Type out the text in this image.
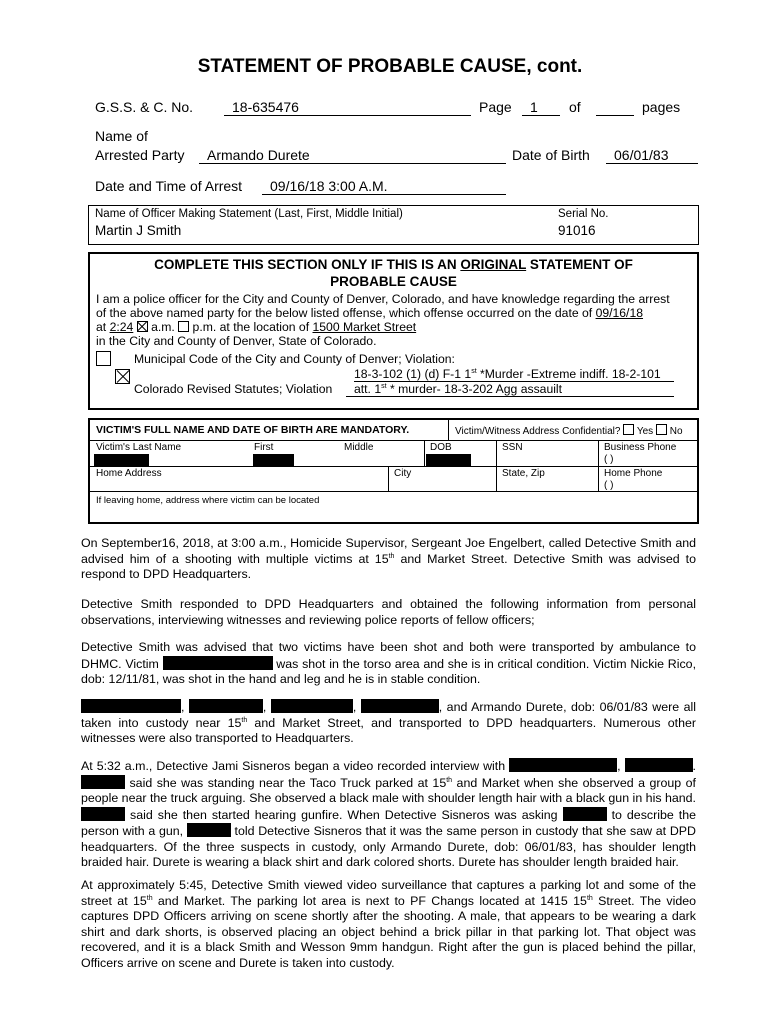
STATEMENT OF PROBABLE CAUSE, cont.
G.S.S. & C. No.	18-635476	Page 1 of	pages
Name of
Arrested Party Armando Durete	Date of Birth 06/01/83
Date and Time of Arrest 09/16/18 3:00 A.M.
Name of Officer Making Statement (Last, First, Middle Initial)
Martin J Smith
Serial No.
91016
COMPLETE THIS SECTION ONLY IF THIS IS AN ORIGINAL STATEMENT OF
PROBABLE CAUSE
I am a police officer for the City and County of Denver, Colorado, and have knowledge regarding the arrest
of the above named party for the below listed offense, which offense occurred on the date of 09/16/18
at 2:24  a.m.  p.m. at the location of 1500 Market Street
in the City and County of Denver, State of Colorado.

Municipal Code of the City and County of Denver; Violation:
18-3-102 (1) (d) F-1 1st *Murder -Extreme indiff. 18-2-101
Colorado Revised Statutes; Violation att. 1st * murder- 18-3-202 Agg assauilt
VICTIM'S FULL NAME AND DATE OF BIRTH ARE MANDATORY.	Victim/Witness Address Confidential? Yes No
Victim's Last Name	First	Middle	DOB	SSN	Business Phone
( )
Home Address	City	State, Zip	Home Phone
( )
If leaving home, address where victim can be located
On September16, 2018, at 3:00 a.m., Homicide Supervisor, Sergeant Joe Engelbert, called Detective Smith and advised him of a shooting with multiple victims at 15th and Market Street. Detective Smith was advised to respond to DPD Headquarters.
Detective Smith responded to DPD Headquarters and obtained the following information from personal observations, interviewing witnesses and reviewing police reports of fellow officers;
Detective Smith was advised that two victims have been shot and both were transported by ambulance to DHMC. Victim	was shot in the torso area and she is in critical condition. Victim Nickie Rico, dob: 12/11/81, was shot in the hand and leg and he is in stable condition.
,	,	,	, and Armando Durete, dob: 06/01/83 were all taken into custody near 15th and Market Street, and transported to DPD headquarters. Numerous other witnesses were also transported to Headquarters.
At 5:32 a.m., Detective Jami Sisneros began a video recorded interview with	,	.  said she was standing near the Taco Truck parked at 15th and Market when she observed a group of people near the truck arguing. She observed a black male with shoulder length hair with a black gun in his hand.  said she then started hearing gunfire. When Detective Sisneros was asking	to describe the person with a gun,	told Detective Sisneros that it was the same person in custody that she saw at DPD headquarters. Of the three suspects in custody, only Armando Durete, dob: 06/01/83, has shoulder length braided hair. Durete is wearing a black shirt and dark colored shorts. Durete has shoulder length braided hair.
At approximately 5:45, Detective Smith viewed video surveillance that captures a parking lot and some of the street at 15th and Market. The parking lot area is next to PF Changs located at 1415 15th Street. The video captures DPD Officers arriving on scene shortly after the shooting. A male, that appears to be wearing a dark shirt and dark shorts, is observed placing an object behind a brick pillar in that parking lot. That object was recovered, and it is a black Smith and Wesson 9mm handgun. Right after the gun is placed behind the pillar, Officers arrive on scene and Durete is taken into custody.
